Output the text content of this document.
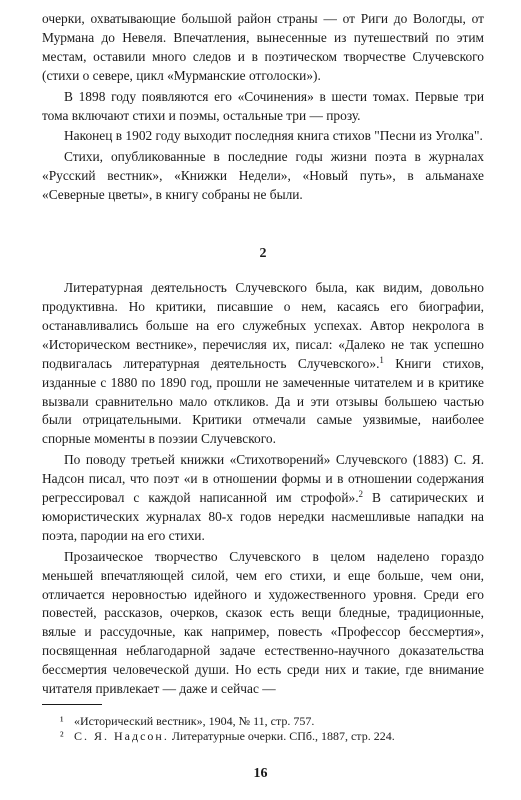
очерки, охватывающие большой район страны — от Риги до Вологды, от Мурмана до Невеля. Впечатления, вынесенные из путешествий по этим местам, оставили много следов и в поэтическом творчестве Случевского (стихи о севере, цикл «Мурманские отголоски»).

В 1898 году появляются его «Сочинения» в шести томах. Первые три тома включают стихи и поэмы, остальные три — прозу.

Наконец в 1902 году выходит последняя книга стихов "Песни из Уголка".

Стихи, опубликованные в последние годы жизни поэта в журналах «Русский вестник», «Книжки Недели», «Новый путь», в альманахе «Северные цветы», в книгу собраны не были.

2

Литературная деятельность Случевского была, как видим, довольно продуктивна. Но критики, писавшие о нем, касаясь его биографии, останавливались больше на его служебных успехах. Автор некролога в «Историческом вестнике», перечисляя их, писал: «Далеко не так успешно подвигалась литературная деятельность Случевского».$^1$ Книги стихов, изданные с 1880 по 1890 год, прошли не замеченные читателем и в критике вызвали сравнительно мало откликов. Да и эти отзывы большею частью были отрицательными. Критики отмечали самые уязвимые, наиболее спорные моменты в поэзии Случевского.

По поводу третьей книжки «Стихотворений» Случевского (1883) С. Я. Надсон писал, что поэт «и в отношении формы и в отношении содержания регрессировал с каждой написанной им строфой».$^2$ В сатирических и юмористических журналах 80-х годов нередки насмешливые нападки на поэта, пародии на его стихи.

Прозаическое творчество Случевского в целом наделено гораздо меньшей впечатляющей силой, чем его стихи, и еще больше, чем они, отличается неровностью идейного и художественного уровня. Среди его повестей, рассказов, очерков, сказок есть вещи бледные, традиционные, вялые и рассудочные, как например, повесть «Профессор бессмертия», посвященная неблагодарной задаче естественно-научного доказательства бессмертия человеческой души. Но есть среди них и такие, где внимание читателя привлекает — даже и сейчас —

¹ «Исторический вестник», 1904, № 11, стр. 757.

² С. Я. Надсон. Литературные очерки. СПб., 1887, стр. 224.

16
